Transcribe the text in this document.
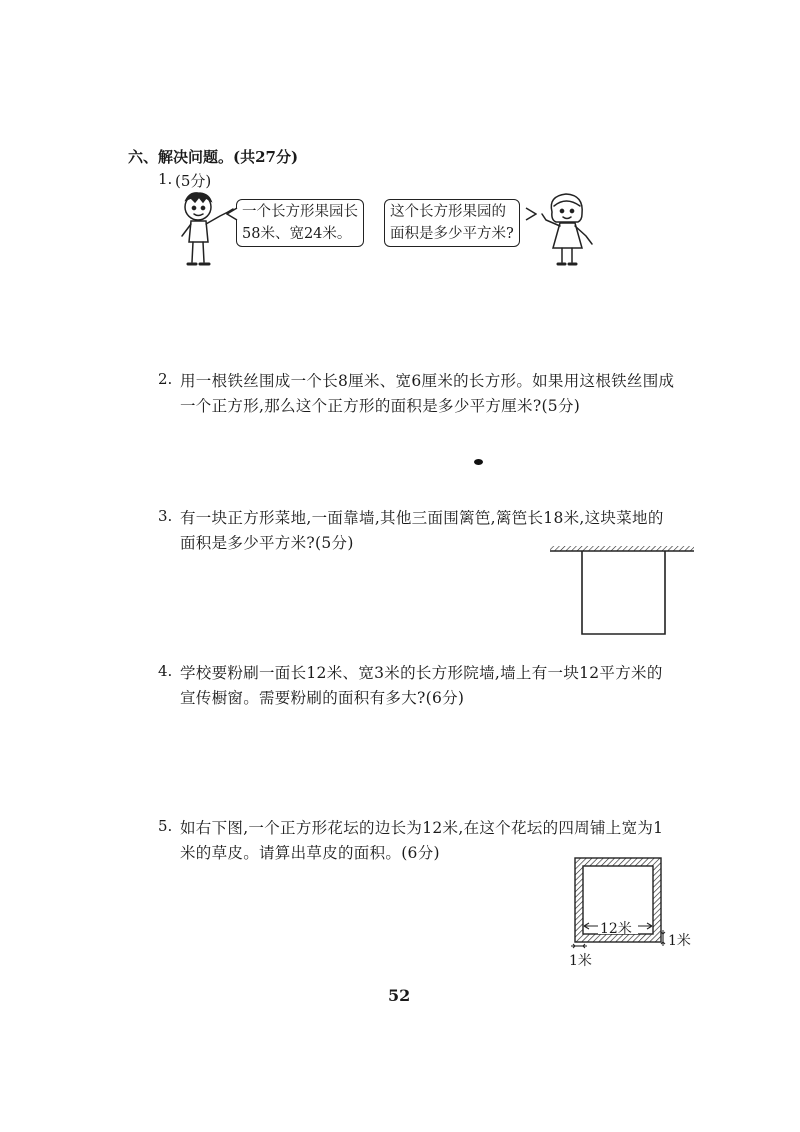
六、解决问题。(共27分)
1. (5分)
一个长方形果园长
58米、宽24米。
这个长方形果园的
面积是多少平方米?
2. 用一根铁丝围成一个长8厘米、宽6厘米的长方形。如果用这根铁丝围成
一个正方形,那么这个正方形的面积是多少平方厘米?(5分)
3. 有一块正方形菜地,一面靠墙,其他三面围篱笆,篱笆长18米,这块菜地的
面积是多少平方米?(5分)
4. 学校要粉刷一面长12米、宽3米的长方形院墙,墙上有一块12平方米的
宣传橱窗。需要粉刷的面积有多大?(6分)
5. 如右下图,一个正方形花坛的边长为12米,在这个花坛的四周铺上宽为1
米的草皮。请算出草皮的面积。(6分)
12米
1米
1米
52
